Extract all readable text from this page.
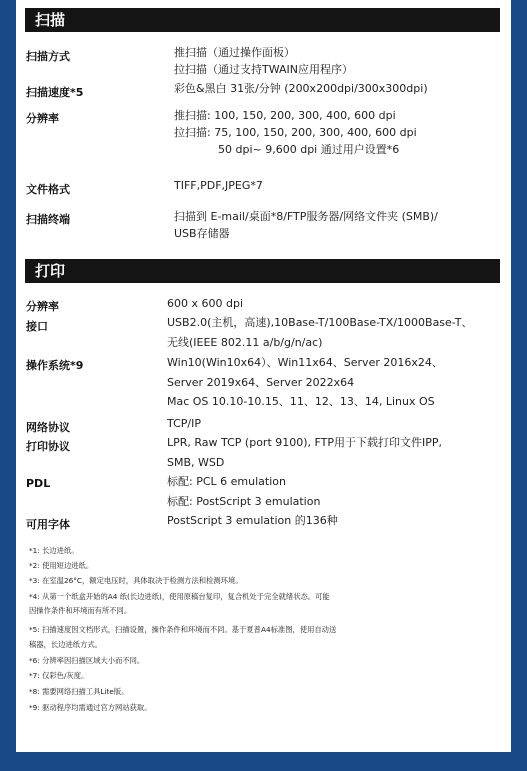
扫描
扫描方式	推扫描（通过操作面板）
拉扫描（通过支持TWAIN应用程序）
扫描速度*5	彩色&黑白 31张/分钟 (200x200dpi/300x300dpi)
分辨率	推扫描: 100, 150, 200, 300, 400, 600 dpi
拉扫描: 75, 100, 150, 200, 300, 400, 600 dpi
50 dpi~ 9,600 dpi 通过用户设置*6
文件格式	TIFF,PDF,JPEG*7
扫描终端	扫描到 E-mail/桌面*8/FTP服务器/网络文件夹 (SMB)/
USB存储器
打印
分辨率	600 x 600 dpi
接口	USB2.0(主机，高速),10Base-T/100Base-TX/1000Base-T、
无线(IEEE 802.11 a/b/g/n/ac)
操作系统*9	Win10(Win10x64）、Win11x64、Server 2016x24、
Server 2019x64、Server 2022x64
Mac OS 10.10-10.15、11、12、13、14, Linux OS
网络协议	TCP/IP
打印协议	LPR, Raw TCP (port 9100), FTP用于下载打印文件IPP,
SMB, WSD
PDL	标配: PCL 6 emulation
标配: PostScript 3 emulation
可用字体	PostScript 3 emulation 的136种
*1: 长边进纸。
*2: 使用短边进纸。
*3: 在室温26°C，额定电压时，具体取决于检测方法和检测环境。
*4: 从第一个纸盒开始的A4 纸(长边进纸)，使用原稿台复印，复合机处于完全就绪状态。可能
因操作条件和环境而有所不同。
*5: 扫描速度因文档形式，扫描设置，操作条件和环境而不同。基于夏普A4标准图，使用自动送
稿器，长边进纸方式。
*6: 分辨率因扫描区域大小而不同。
*7: 仅彩色/灰度。
*8: 需要网络扫描工具Lite版。
*9: 驱动程序均需通过官方网站获取。
